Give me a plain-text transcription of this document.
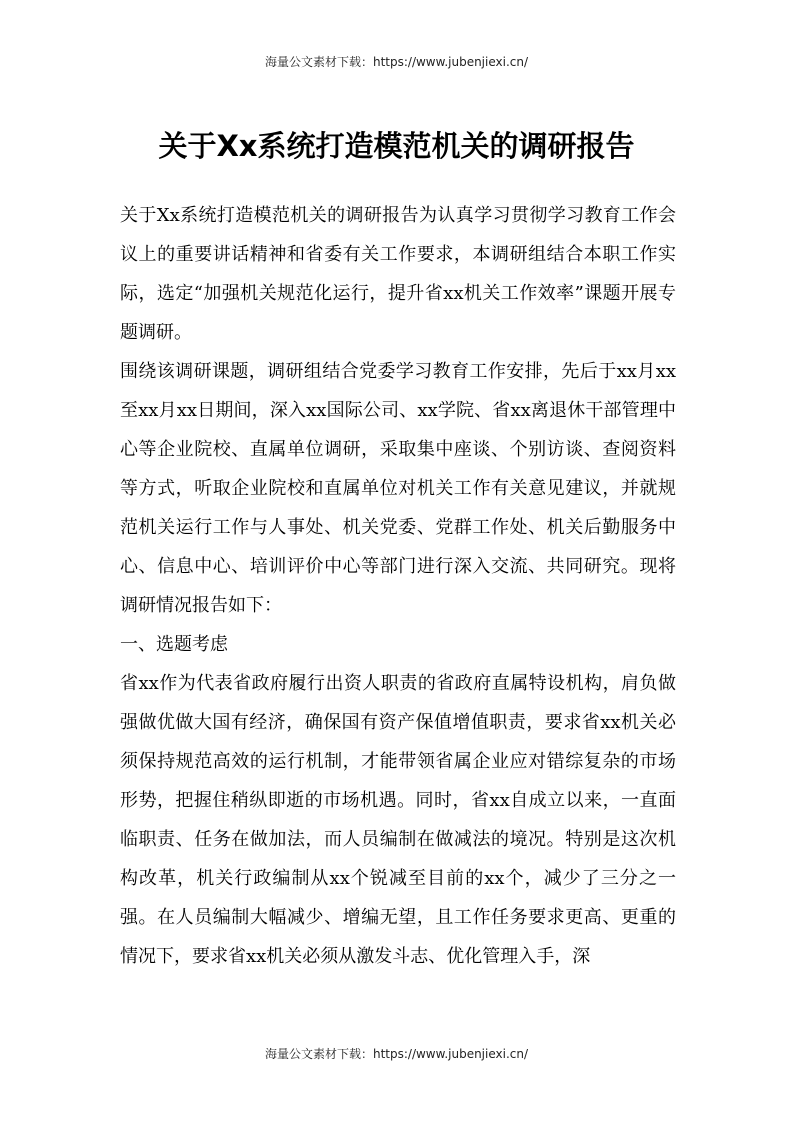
海量公文素材下载：https://www.jubenjiexi.cn/
关于Xx系统打造模范机关的调研报告

关于Xx系统打造模范机关的调研报告为认真学习贯彻学习教育工作会议上的重要讲话精神和省委有关工作要求，本调研组结合本职工作实际，选定“加强机关规范化运行，提升省xx机关工作效率”课题开展专题调研。

围绕该调研课题，调研组结合党委学习教育工作安排，先后于xx月xx至xx月xx日期间，深入xx国际公司、xx学院、省xx离退休干部管理中心等企业院校、直属单位调研，采取集中座谈、个别访谈、查阅资料等方式，听取企业院校和直属单位对机关工作有关意见建议，并就规范机关运行工作与人事处、机关党委、党群工作处、机关后勤服务中心、信息中心、培训评价中心等部门进行深入交流、共同研究。现将调研情况报告如下：

一、选题考虑

省xx作为代表省政府履行出资人职责的省政府直属特设机构，肩负做强做优做大国有经济，确保国有资产保值增值职责，要求省xx机关必须保持规范高效的运行机制，才能带领省属企业应对错综复杂的市场形势，把握住稍纵即逝的市场机遇。同时，省xx自成立以来，一直面临职责、任务在做加法，而人员编制在做减法的境况。特别是这次机构改革，机关行政编制从xx个锐减至目前的xx个，减少了三分之一强。在人员编制大幅减少、增编无望，且工作任务要求更高、更重的情况下，要求省xx机关必须从激发斗志、优化管理入手，深

海量公文素材下载：https://www.jubenjiexi.cn/
